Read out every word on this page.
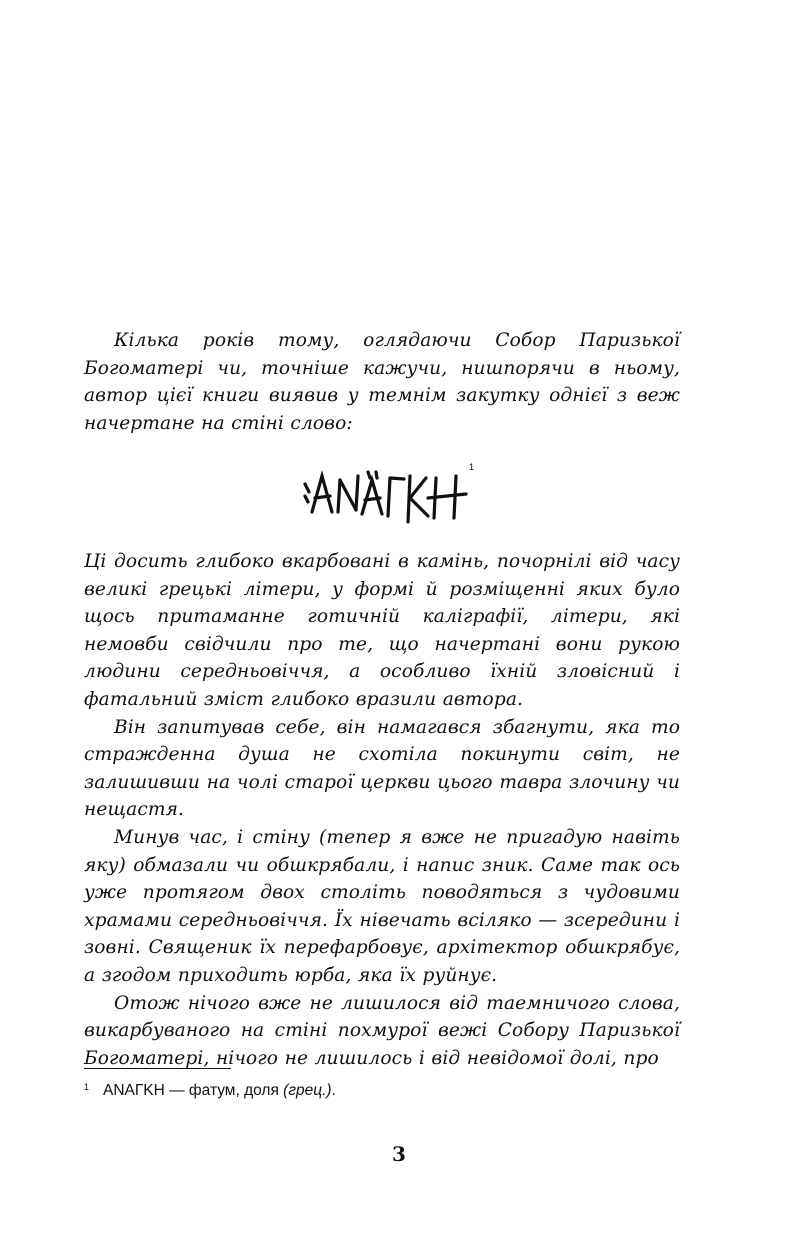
Кілька років тому, оглядаючи Собор Паризької Богоматері чи, точніше кажучи, нишпорячи в ньому, автор цієї книги виявив у темнім закутку однієї з веж начертане на стіні слово:

1

Ці досить глибоко вкарбовані в камінь, почорнілі від часу великі грецькі літери, у формі й розміщенні яких було щось притаманне готичній каліграфії, літери, які немовби свідчили про те, що начертані вони рукою людини середньовіччя, а особливо їхній зловісний і фатальний зміст глибоко вразили автора.

Він запитував себе, він намагався збагнути, яка то стражденна душа не схотіла покинути світ, не залишивши на чолі старої церкви цього тавра злочину чи нещастя.

Минув час, і стіну (тепер я вже не пригадую навіть яку) обмазали чи обшкрябали, і напис зник. Саме так ось уже протягом двох століть поводяться з чудовими храмами середньовіччя. Їх нівечать всіляко — зсередини і зовні. Священик їх перефарбовує, архітектор обшкрябує, а згодом приходить юрба, яка їх руйнує.

Отож нічого вже не лишилося від таемничого слова, викарбуваного на стіні похмурої вежі Собору Паризької Богоматері, нічого не лишилось і від невідомої долі, про

$^1$ ANAГKH — фатум, доля (грец.).
3
